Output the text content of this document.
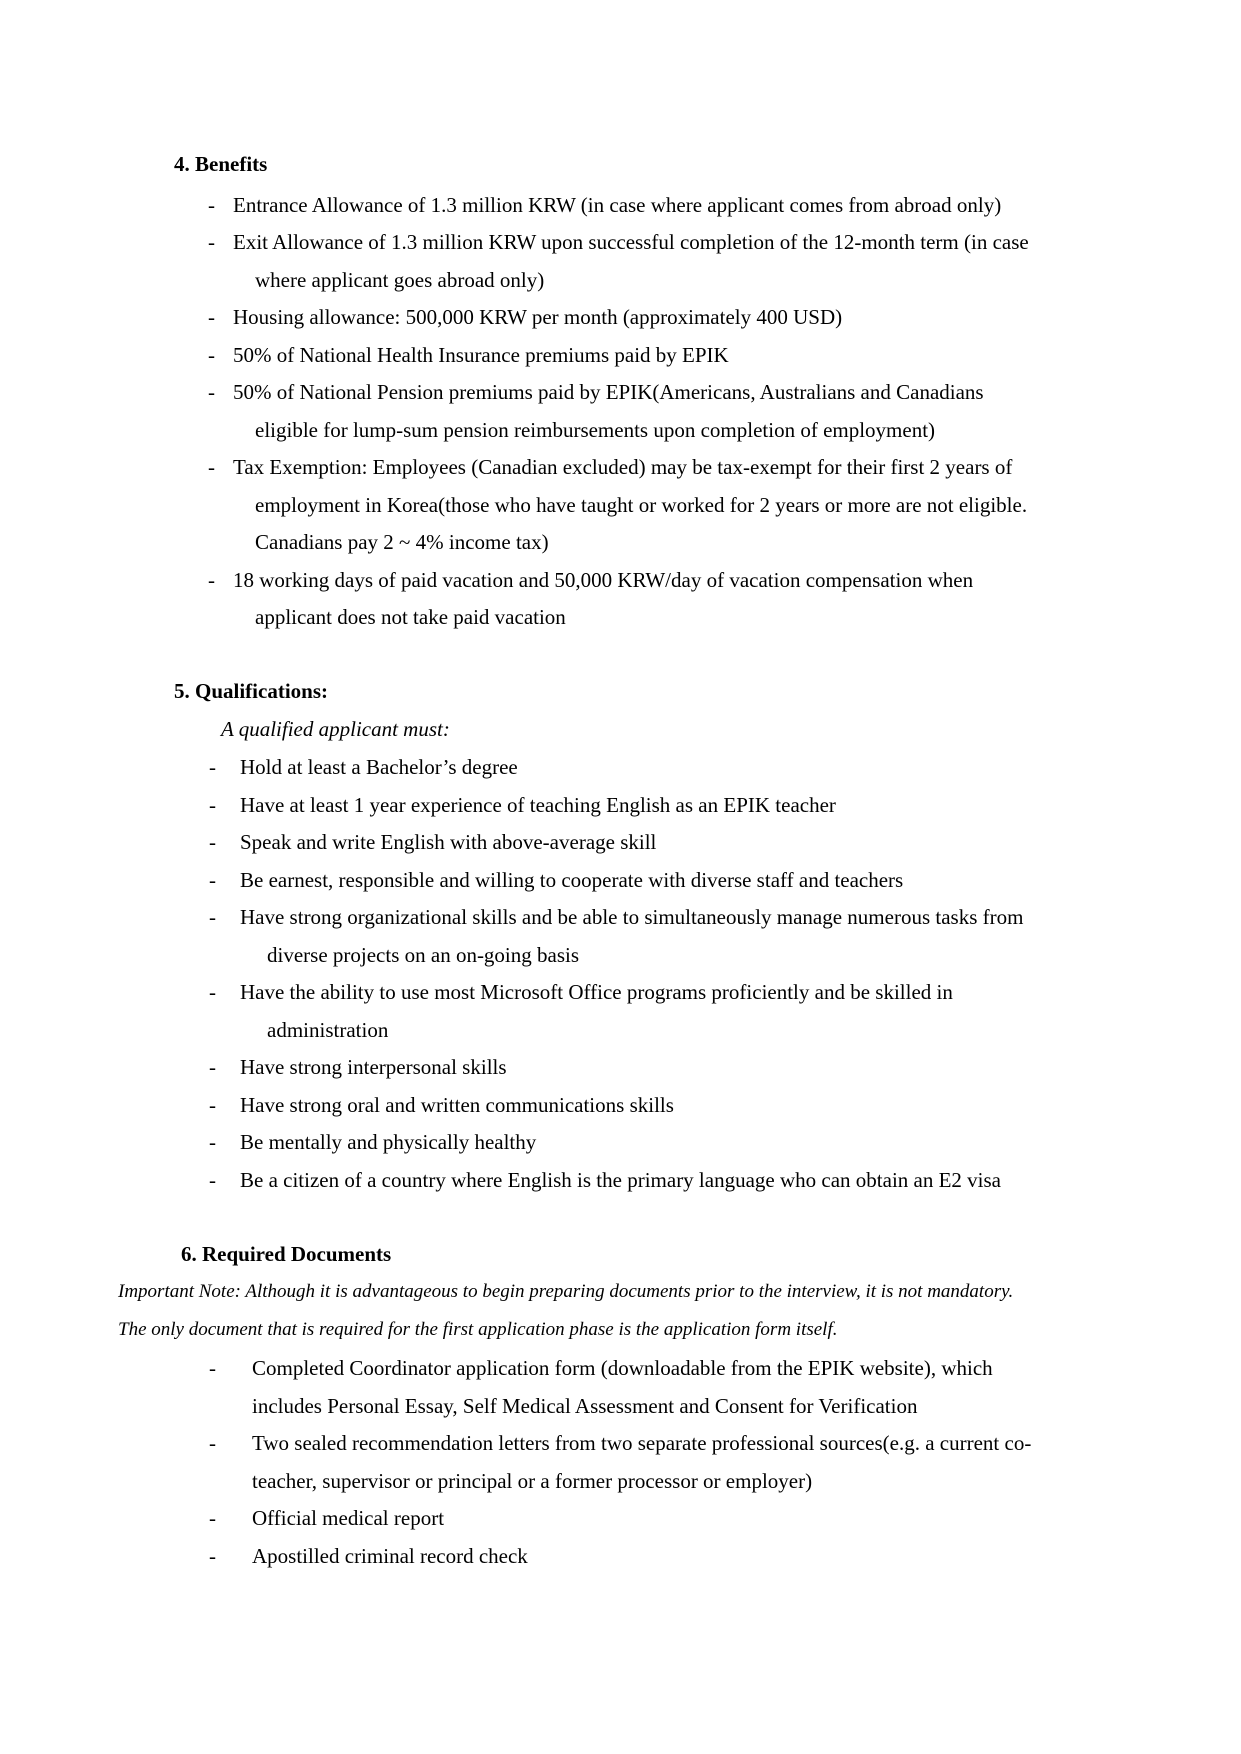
4. Benefits
- Entrance Allowance of 1.3 million KRW (in case where applicant comes from abroad only)
- Exit Allowance of 1.3 million KRW upon successful completion of the 12-month term (in case
where applicant goes abroad only)
- Housing allowance: 500,000 KRW per month (approximately 400 USD)
- 50% of National Health Insurance premiums paid by EPIK
- 50% of National Pension premiums paid by EPIK(Americans, Australians and Canadians
eligible for lump-sum pension reimbursements upon completion of employment)
- Tax Exemption: Employees (Canadian excluded) may be tax-exempt for their first 2 years of
employment in Korea(those who have taught or worked for 2 years or more are not eligible.
Canadians pay 2 ~ 4% income tax)
- 18 working days of paid vacation and 50,000 KRW/day of vacation compensation when
applicant does not take paid vacation
5. Qualifications:
A qualified applicant must:
- Hold at least a Bachelor’s degree
- Have at least 1 year experience of teaching English as an EPIK teacher
- Speak and write English with above-average skill
- Be earnest, responsible and willing to cooperate with diverse staff and teachers
- Have strong organizational skills and be able to simultaneously manage numerous tasks from
diverse projects on an on-going basis
- Have the ability to use most Microsoft Office programs proficiently and be skilled in
administration
- Have strong interpersonal skills
- Have strong oral and written communications skills
- Be mentally and physically healthy
- Be a citizen of a country where English is the primary language who can obtain an E2 visa
6. Required Documents
Important Note: Although it is advantageous to begin preparing documents prior to the interview, it is not mandatory.
The only document that is required for the first application phase is the application form itself.
- Completed Coordinator application form (downloadable from the EPIK website), which
includes Personal Essay, Self Medical Assessment and Consent for Verification
- Two sealed recommendation letters from two separate professional sources(e.g. a current co-
teacher, supervisor or principal or a former processor or employer)
- Official medical report
- Apostilled criminal record check
